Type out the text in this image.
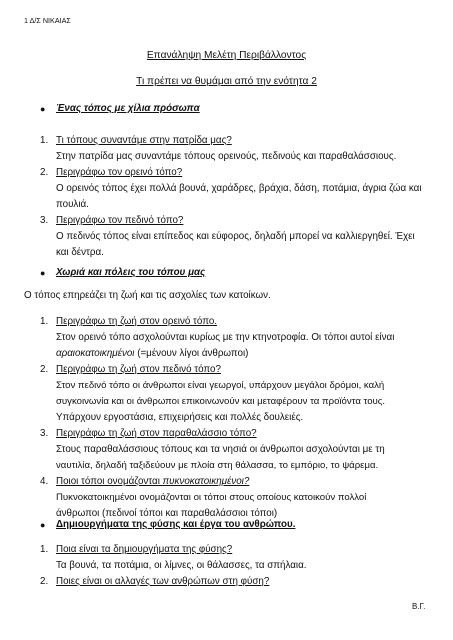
1 Δ/Σ ΝΙΚΑΙΑΣ
Επανάληψη Μελέτη Περιβάλλοντος
Τι πρέπει να θυμάμαι από την ενότητα 2
● Ένας τόπος με χίλια πρόσωπα
1. Τι τόπους συναντάμε στην πατρίδα μας?
Στην πατρίδα μας συναντάμε τόπους ορεινούς, πεδινούς και παραθαλάσσιους.
2. Περιγράφω τον ορεινό τόπο?
Ο ορεινός τόπος έχει πολλά βουνά, χαράδρες, βράχια, δάση, ποτάμια, άγρια ζώα και
πουλιά.
3. Περιγράφω τον πεδινό τόπο?
Ο πεδινός τόπος είναι επίπεδος και εύφορος, δηλαδή μπορεί να καλλιεργηθεί. Έχει
και δέντρα.
● Χωριά και πόλεις του τόπου μας
Ο τόπος επηρεάζει τη ζωή και τις ασχολίες των κατοίκων.
1. Περιγράφω τη ζωή στον ορεινό τόπο.
Στον ορεινό τόπο ασχολούνται κυρίως με την κτηνοτροφία. Οι τόποι αυτοί είναι
αραιοκατοικημένοι (=μένουν λίγοι άνθρωποι)
2. Περιγράφω τη ζωή στον πεδινό τόπο?
Στον πεδινό τόπο οι άνθρωποι είναι γεωργοί, υπάρχουν μεγάλοι δρόμοι, καλή
συγκοινωνία και οι άνθρωποι επικοινωνούν και μεταφέρουν τα προϊόντα τους.
Υπάρχουν εργοστάσια, επιχειρήσεις και πολλές δουλειές.
3. Περιγράφω τη ζωή στον παραθαλάσσιο τόπο?
Στους παραθαλάσσιους τόπους και τα νησιά οι άνθρωποι ασχολούνται με τη
ναυτιλία, δηλαδή ταξιδεύουν με πλοία στη θάλασσα, το εμπόριο, το ψάρεμα.
4. Ποιοι τόποι ονομάζονται πυκνοκατοικημένοι?
Πυκνοκατοικημένοι ονομάζονται οι τόποι στους οποίους κατοικούν πολλοί
άνθρωποι (πεδινοί τόποι και παραθαλάσσιοι τόποι)
● Δημιουργήματα της φύσης και έργα του ανθρώπου.
1. Ποια είναι τα δημιουργήματα της φύσης?
Τα βουνά, τα ποτάμια, οι λίμνες, οι θάλασσες, τα σπήλαια.
2. Ποιες είναι οι αλλαγές των ανθρώπων στη φύση?
Β.Γ.
